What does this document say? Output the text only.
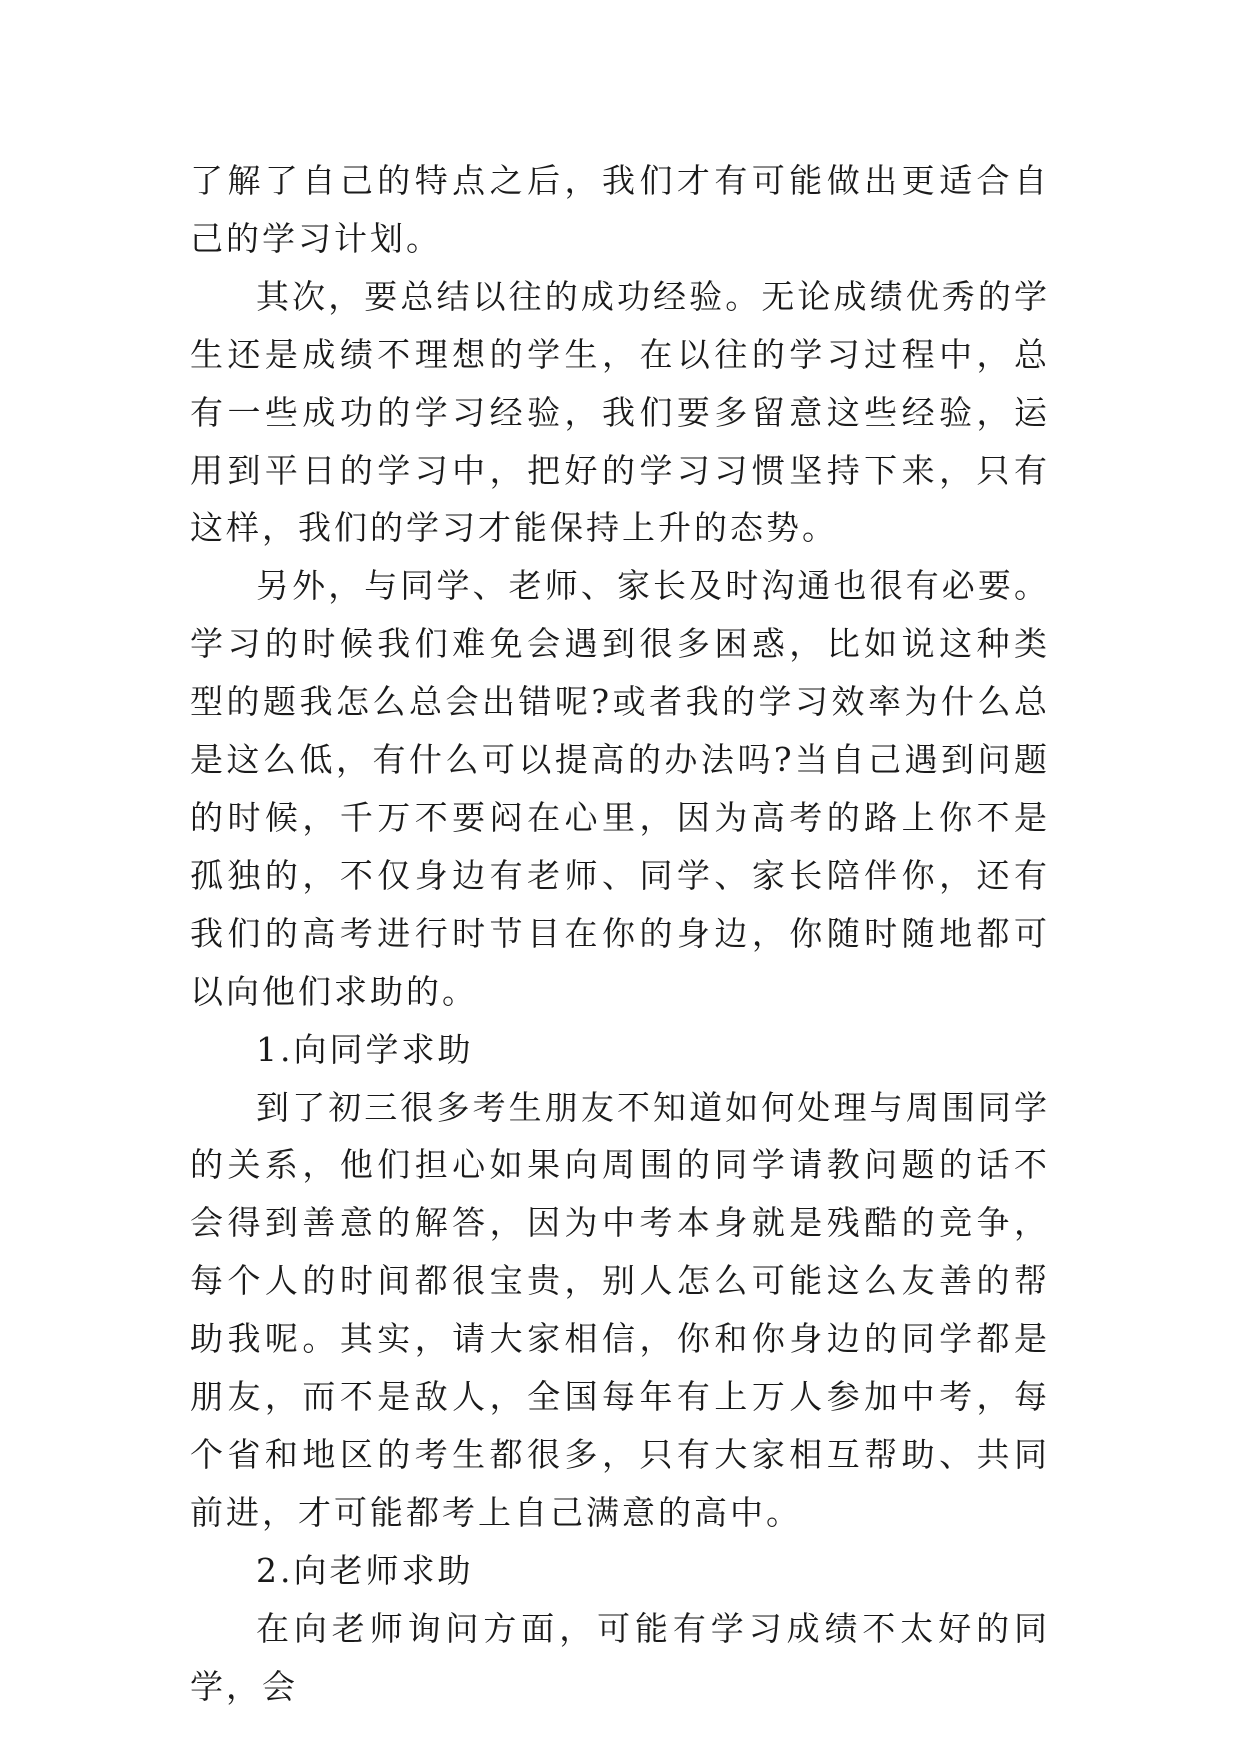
了解了自己的特点之后，我们才有可能做出更适合自己的学习计划。

其次，要总结以往的成功经验。无论成绩优秀的学生还是成绩不理想的学生，在以往的学习过程中，总有一些成功的学习经验，我们要多留意这些经验，运用到平日的学习中，把好的学习习惯坚持下来，只有这样，我们的学习才能保持上升的态势。

另外，与同学、老师、家长及时沟通也很有必要。学习的时候我们难免会遇到很多困惑，比如说这种类型的题我怎么总会出错呢?或者我的学习效率为什么总是这么低，有什么可以提高的办法吗?当自己遇到问题的时候，千万不要闷在心里，因为高考的路上你不是孤独的，不仅身边有老师、同学、家长陪伴你，还有我们的高考进行时节目在你的身边，你随时随地都可以向他们求助的。

1.向同学求助

到了初三很多考生朋友不知道如何处理与周围同学的关系，他们担心如果向周围的同学请教问题的话不会得到善意的解答，因为中考本身就是残酷的竞争，每个人的时间都很宝贵，别人怎么可能这么友善的帮助我呢。其实，请大家相信，你和你身边的同学都是朋友，而不是敌人，全国每年有上万人参加中考，每个省和地区的考生都很多，只有大家相互帮助、共同前进，才可能都考上自己满意的高中。

2.向老师求助

在向老师询问方面，可能有学习成绩不太好的同学，会
